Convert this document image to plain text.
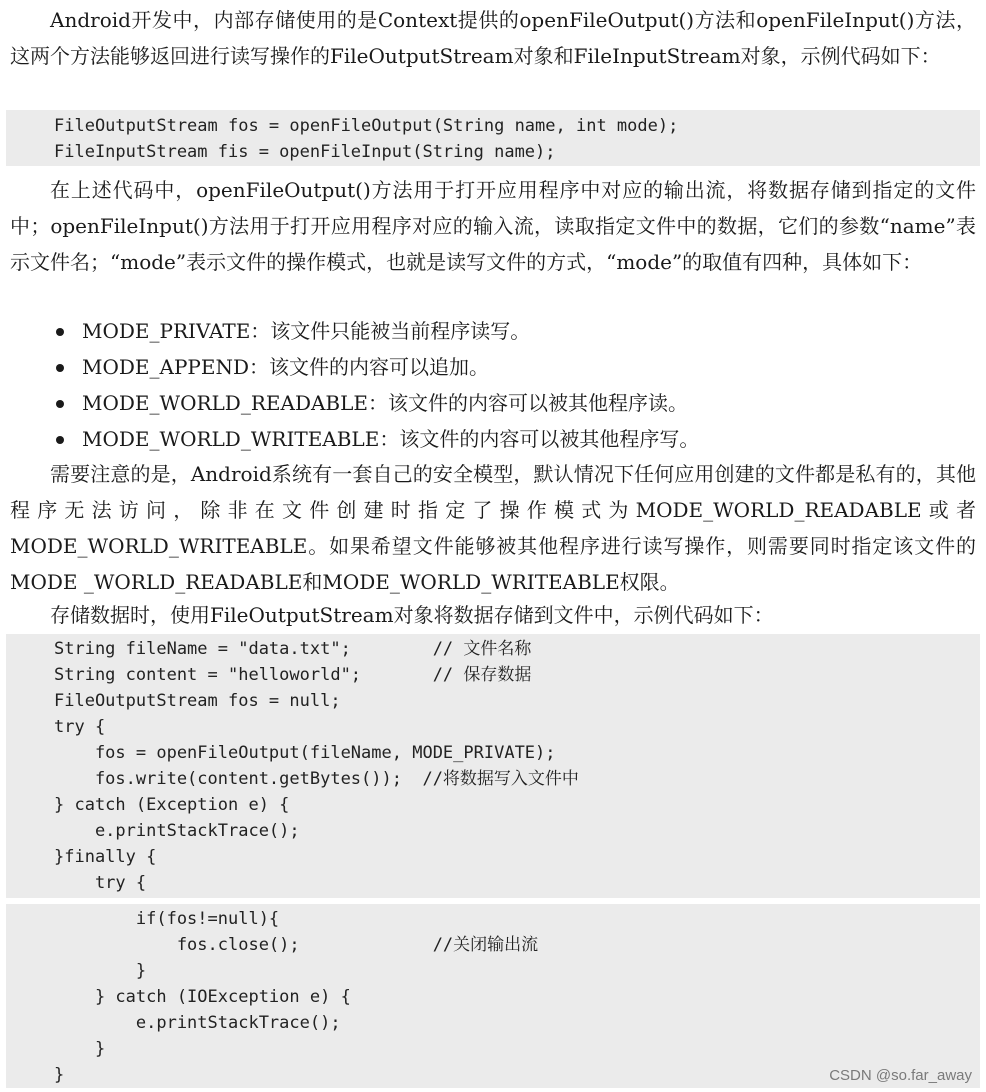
Android开发中，内部存储使用的是Context提供的openFileOutput()方法和openFileInput()方法，这两个方法能够返回进行读写操作的FileOutputStream对象和FileInputStream对象，示例代码如下：

FileOutputStream fos = openFileOutput(String name, int mode);
FileInputStream fis = openFileInput(String name);

在上述代码中，openFileOutput()方法用于打开应用程序中对应的输出流，将数据存储到指定的文件中；openFileInput()方法用于打开应用程序对应的输入流，读取指定文件中的数据，它们的参数“name”表示文件名；“mode”表示文件的操作模式，也就是读写文件的方式，“mode”的取值有四种，具体如下：

MODE_PRIVATE：该文件只能被当前程序读写。
MODE_APPEND：该文件的内容可以追加。
MODE_WORLD_READABLE：该文件的内容可以被其他程序读。
MODE_WORLD_WRITEABLE：该文件的内容可以被其他程序写。

需要注意的是，Android系统有一套自己的安全模型，默认情况下任何应用创建的文件都是私有的，其他程序无法访问，除非在文件创建时指定了操作模式为MODE_WORLD_READABLE或者MODE_WORLD_WRITEABLE。如果希望文件能够被其他程序进行读写操作，则需要同时指定该文件的MODE _WORLD_READABLE和MODE_WORLD_WRITEABLE权限。

存储数据时，使用FileOutputStream对象将数据存储到文件中，示例代码如下：

String fileName = "data.txt";        // 文件名称
String content = "helloworld";       // 保存数据
FileOutputStream fos = null;
try {
fos = openFileOutput(fileName, MODE_PRIVATE);
fos.write(content.getBytes());  //将数据写入文件中
} catch (Exception e) {
e.printStackTrace();
}finally {
try {
if(fos!=null){
fos.close();             //关闭输出流
}
} catch (IOException e) {
e.printStackTrace();
}
}	CSDN @so.far_away
